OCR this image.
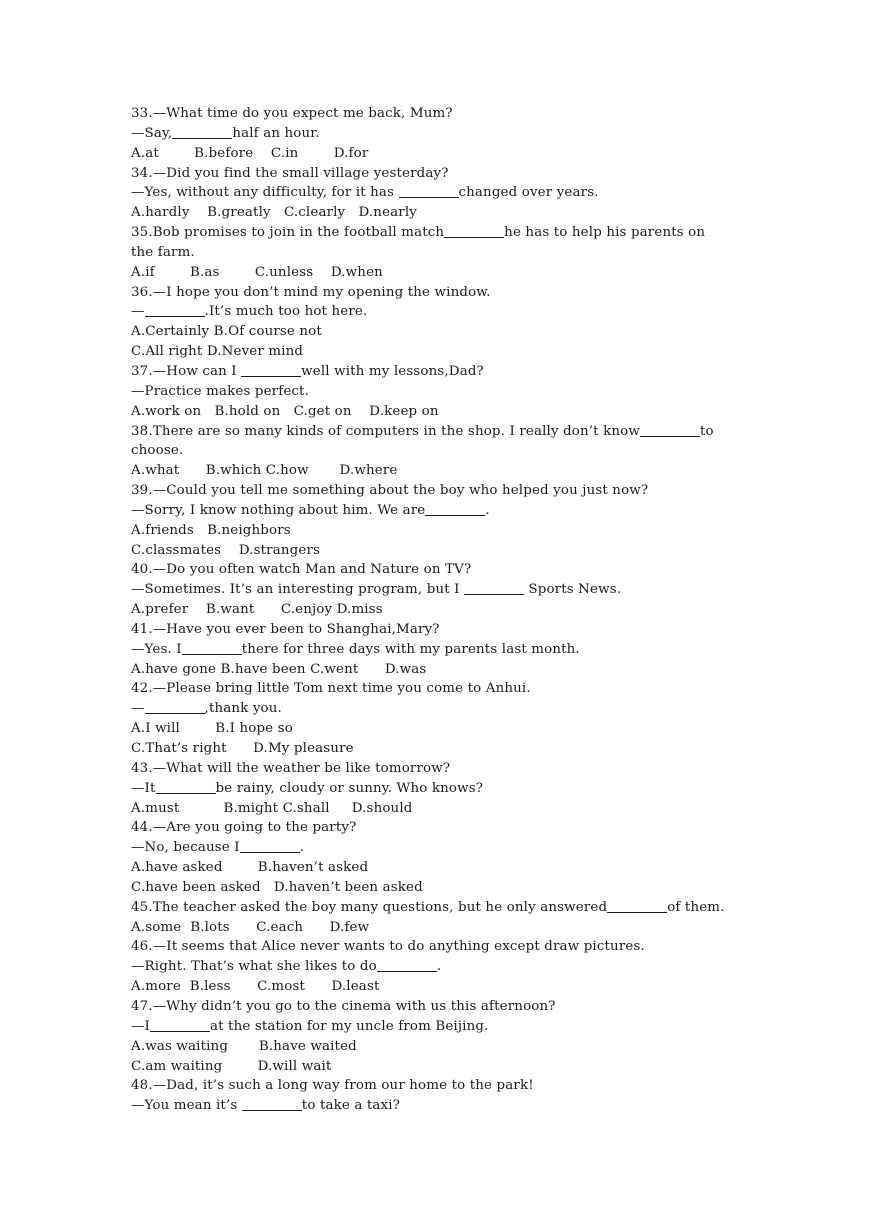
33.—What time do you expect me back, Mum?
—Say,	half an hour.
A.at        B.before    C.in        D.for
34.—Did you find the small village yesterday?
—Yes, without any difficulty, for it has	changed over years.
A.hardly    B.greatly   C.clearly   D.nearly
35.Bob promises to join in the football match	he has to help his parents on
the farm.
A.if        B.as        C.unless    D.when
36.—I hope you don’t mind my opening the window.
—	.It’s much too hot here.
A.Certainly B.Of course not
C.All right D.Never mind
37.—How can I	well with my lessons,Dad?
—Practice makes perfect.
A.work on   B.hold on   C.get on    D.keep on
38.There are so many kinds of computers in the shop. I really don’t know	to
choose.
A.what      B.which C.how       D.where
39.—Could you tell me something about the boy who helped you just now?
—Sorry, I know nothing about him. We are	.
A.friends   B.neighbors
C.classmates    D.strangers
40.—Do you often watch Man and Nature on TV?
—Sometimes. It’s an interesting program, but I	Sports News.
A.prefer    B.want      C.enjoy D.miss
41.—Have you ever been to Shanghai,Mary?
—Yes. I	there for three days with my parents last month.
A.have gone B.have been C.went      D.was
42.—Please bring little Tom next time you come to Anhui.
—	,thank you.
A.I will        B.I hope so
C.That’s right      D.My pleasure
43.—What will the weather be like tomorrow?
—It	be rainy, cloudy or sunny. Who knows?
A.must          B.might C.shall     D.should
44.—Are you going to the party?
—No, because I	.
A.have asked        B.haven’t asked
C.have been asked   D.haven’t been asked
45.The teacher asked the boy many questions, but he only answered	of them.
A.some  B.lots      C.each      D.few
46.—It seems that Alice never wants to do anything except draw pictures.
—Right. That’s what she likes to do	.
A.more  B.less      C.most      D.least
47.—Why didn’t you go to the cinema with us this afternoon?
—I	at the station for my uncle from Beijing.
A.was waiting       B.have waited
C.am waiting        D.will wait
48.—Dad, it’s such a long way from our home to the park!
—You mean it’s	to take a taxi?
